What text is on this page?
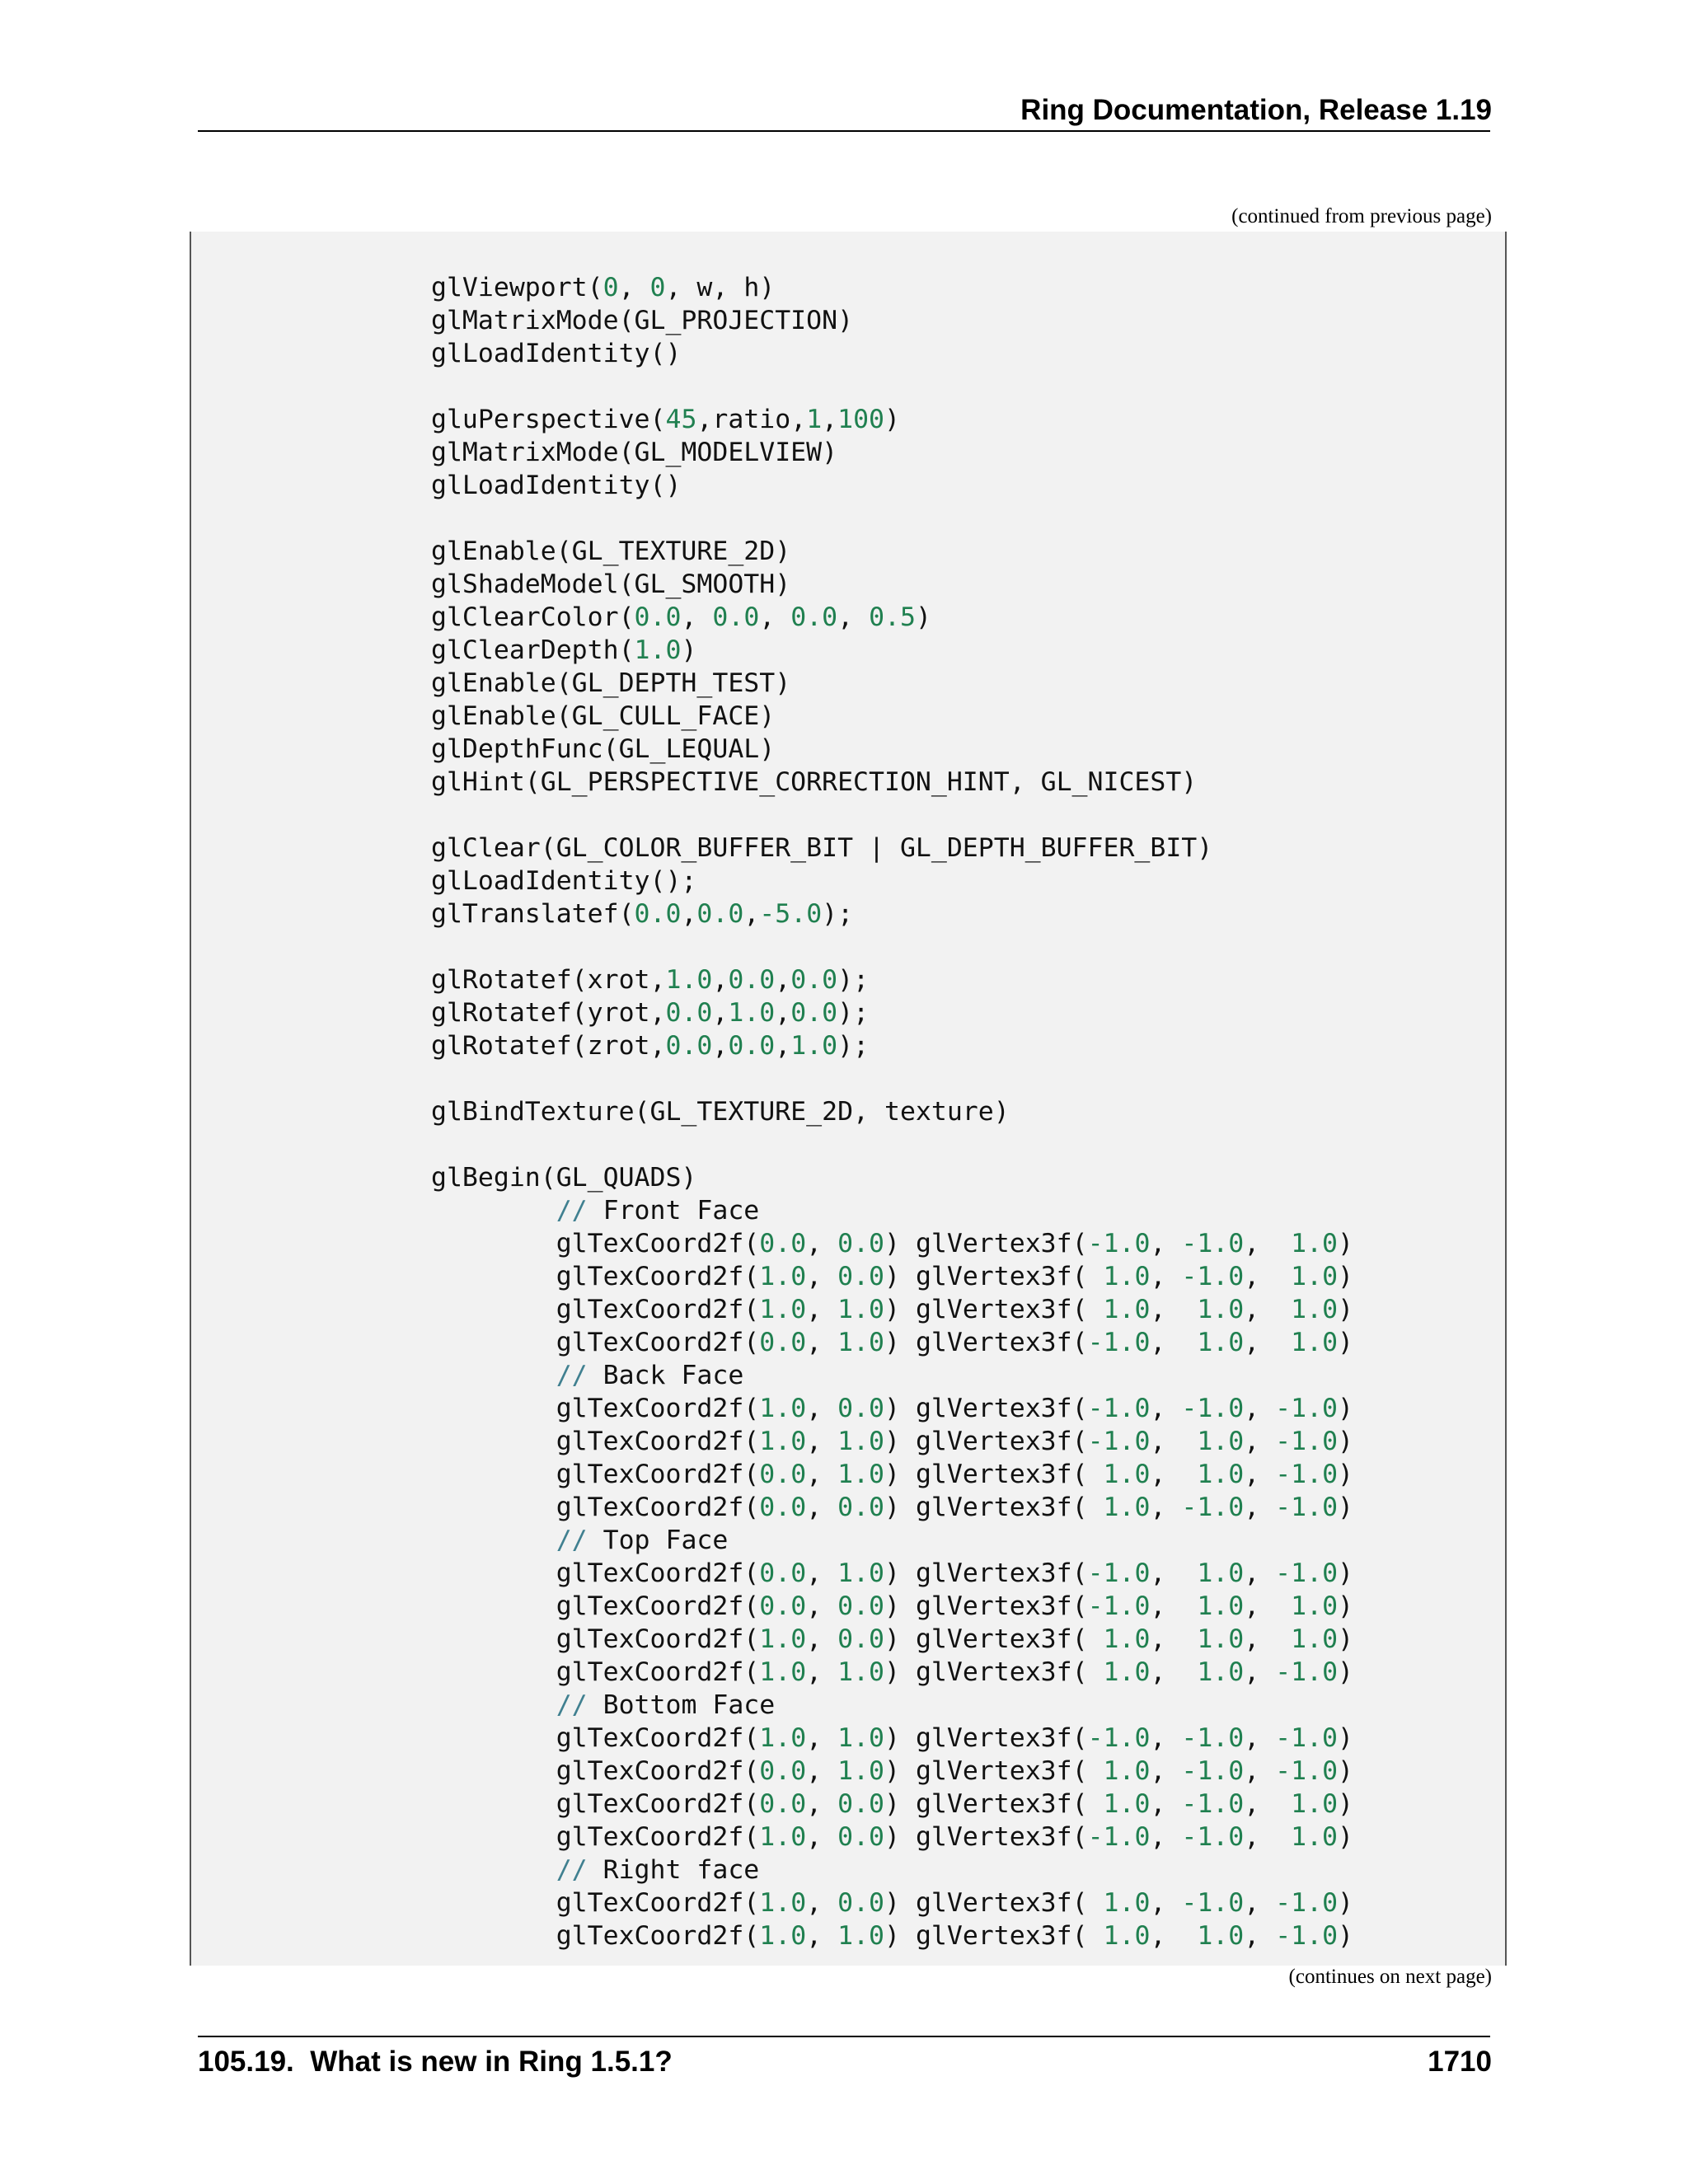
Ring Documentation, Release 1.19
(continued from previous page)
glViewport(0, 0, w, h)
glMatrixMode(GL_PROJECTION)
glLoadIdentity()

gluPerspective(45,ratio,1,100)
glMatrixMode(GL_MODELVIEW)
glLoadIdentity()

glEnable(GL_TEXTURE_2D)
glShadeModel(GL_SMOOTH)
glClearColor(0.0, 0.0, 0.0, 0.5)
glClearDepth(1.0)
glEnable(GL_DEPTH_TEST)
glEnable(GL_CULL_FACE)
glDepthFunc(GL_LEQUAL)
glHint(GL_PERSPECTIVE_CORRECTION_HINT, GL_NICEST)

glClear(GL_COLOR_BUFFER_BIT | GL_DEPTH_BUFFER_BIT)
glLoadIdentity();
glTranslatef(0.0,0.0,-5.0);

glRotatef(xrot,1.0,0.0,0.0);
glRotatef(yrot,0.0,1.0,0.0);
glRotatef(zrot,0.0,0.0,1.0);

glBindTexture(GL_TEXTURE_2D, texture)

glBegin(GL_QUADS)
// Front Face
glTexCoord2f(0.0, 0.0) glVertex3f(-1.0, -1.0,  1.0)
glTexCoord2f(1.0, 0.0) glVertex3f( 1.0, -1.0,  1.0)
glTexCoord2f(1.0, 1.0) glVertex3f( 1.0,  1.0,  1.0)
glTexCoord2f(0.0, 1.0) glVertex3f(-1.0,  1.0,  1.0)
// Back Face
glTexCoord2f(1.0, 0.0) glVertex3f(-1.0, -1.0, -1.0)
glTexCoord2f(1.0, 1.0) glVertex3f(-1.0,  1.0, -1.0)
glTexCoord2f(0.0, 1.0) glVertex3f( 1.0,  1.0, -1.0)
glTexCoord2f(0.0, 0.0) glVertex3f( 1.0, -1.0, -1.0)
// Top Face
glTexCoord2f(0.0, 1.0) glVertex3f(-1.0,  1.0, -1.0)
glTexCoord2f(0.0, 0.0) glVertex3f(-1.0,  1.0,  1.0)
glTexCoord2f(1.0, 0.0) glVertex3f( 1.0,  1.0,  1.0)
glTexCoord2f(1.0, 1.0) glVertex3f( 1.0,  1.0, -1.0)
// Bottom Face
glTexCoord2f(1.0, 1.0) glVertex3f(-1.0, -1.0, -1.0)
glTexCoord2f(0.0, 1.0) glVertex3f( 1.0, -1.0, -1.0)
glTexCoord2f(0.0, 0.0) glVertex3f( 1.0, -1.0,  1.0)
glTexCoord2f(1.0, 0.0) glVertex3f(-1.0, -1.0,  1.0)
// Right face
glTexCoord2f(1.0, 0.0) glVertex3f( 1.0, -1.0, -1.0)
glTexCoord2f(1.0, 1.0) glVertex3f( 1.0,  1.0, -1.0)
(continues on next page)
105.19.  What is new in Ring 1.5.1?	1710
